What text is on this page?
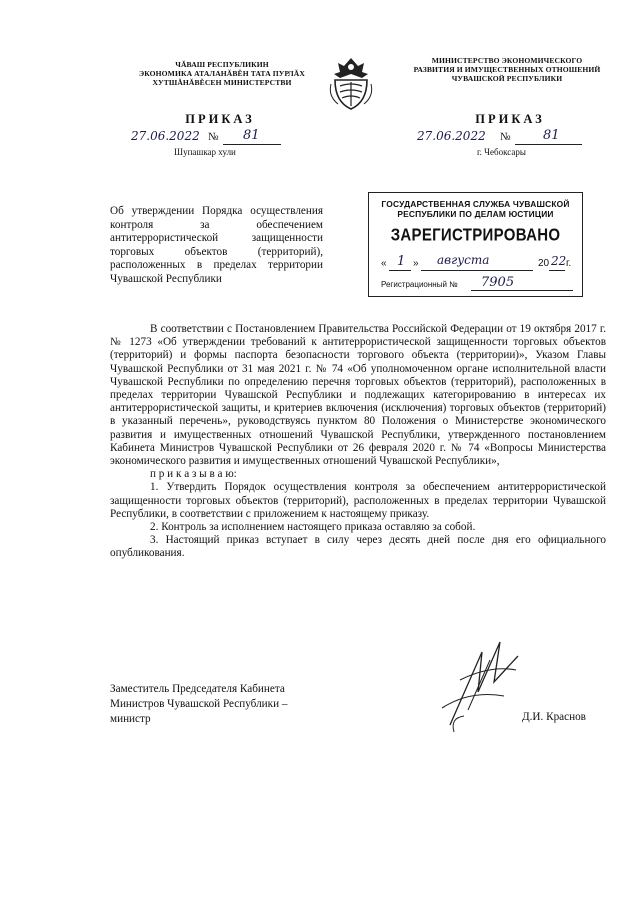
ЧĂВАШ РЕСПУБЛИКИН
ЭКОНОМИКА АТАЛАНĂВĔН ТАТА ПУРЛĂХ
ХУТШĂНĂВĔСЕН МИНИСТЕРСТВИ
МИНИСТЕРСТВО ЭКОНОМИЧЕСКОГО
РАЗВИТИЯ И ИМУЩЕСТВЕННЫХ ОТНОШЕНИЙ
ЧУВАШСКОЙ РЕСПУБЛИКИ
ПРИКАЗ	ПРИКАЗ
27.06.2022 № 81
Шупашкар хули
27.06.2022 №	81
г. Чебоксары
Об утверждении Порядка осуществления контроля за обеспечением антитеррористической защищенности торговых объектов (территорий), расположенных в пределах территории Чувашской Республики
ГОСУДАРСТВЕННАЯ СЛУЖБА ЧУВАШСКОЙ
РЕСПУБЛИКИ ПО ДЕЛАМ ЮСТИЦИИ
ЗАРЕГИСТРИРОВАНО
« 1 » августа	20 22 г.
Регистрационный № 7905

В соответствии с Постановлением Правительства Российской Федерации от 19 октября 2017 г. № 1273 «Об утверждении требований к антитеррористической защищенности торговых объектов (территорий) и формы паспорта безопасности торгового объекта (территории)», Указом Главы Чувашской Республики от 31 мая 2021 г. № 74 «Об уполномоченном органе исполнительной власти Чувашской Республики по определению перечня торговых объектов (территорий), расположенных в пределах территории Чувашской Республики и подлежащих категорированию в интересах их антитеррористической защиты, и критериев включения (исключения) торговых объектов (территорий) в указанный перечень», руководствуясь пунктом 80 Положения о Министерстве экономического развития и имущественных отношений Чувашской Республики, утвержденного постановлением Кабинета Министров Чувашской Республики от 26 февраля 2020 г. № 74 «Вопросы Министерства экономического развития и имущественных отношений Чувашской Республики»,

п р и к а з ы в а ю:

1. Утвердить Порядок осуществления контроля за обеспечением антитеррористической защищенности торговых объектов (территорий), расположенных в пределах территории Чувашской Республики, в соответствии с приложением к настоящему приказу.

2. Контроль за исполнением настоящего приказа оставляю за собой.

3. Настоящий приказ вступает в силу через десять дней после дня его официального опубликования.

Заместитель Председателя Кабинета
Министров Чувашской Республики –
министр	Д.И. Краснов
